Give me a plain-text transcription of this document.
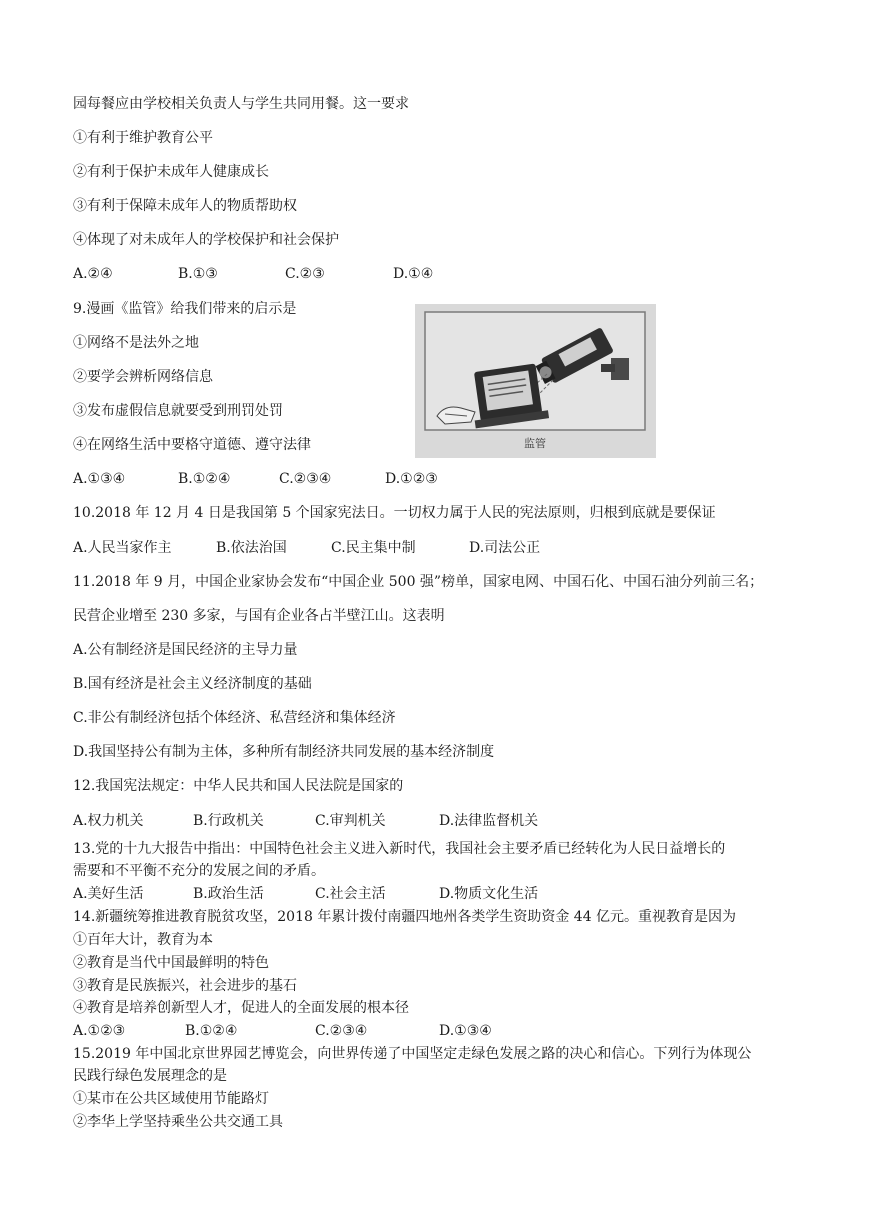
园每餐应由学校相关负责人与学生共同用餐。这一要求
①有利于维护教育公平
②有利于保护未成年人健康成长
③有利于保障未成年人的物质帮助权
④体现了对未成年人的学校保护和社会保护
A.②④	B.①③	C.②③	D.①④
9.漫画《监管》给我们带来的启示是
①网络不是法外之地
②要学会辨析网络信息
③发布虚假信息就要受到刑罚处罚
④在网络生活中要格守道德、遵守法律
A.①③④	B.①②④	C.②③④	D.①②③
监管
10.2018 年 12 月 4 日是我国第 5 个国家宪法日。一切权力属于人民的宪法原则，归根到底就是要保证
A.人民当家作主	B.依法治国	C.民主集中制	D.司法公正
11.2018 年 9 月，中国企业家协会发布“中国企业 500 强”榜单，国家电网、中国石化、中国石油分列前三名；
民营企业增至 230 多家，与国有企业各占半壁江山。这表明
A.公有制经济是国民经济的主导力量
B.国有经济是社会主义经济制度的基础
C.非公有制经济包括个体经济、私营经济和集体经济
D.我国坚持公有制为主体，多种所有制经济共同发展的基本经济制度
12.我国宪法规定：中华人民共和国人民法院是国家的
A.权力机关	B.行政机关	C.审判机关	D.法律监督机关
13.党的十九大报告中指出：中国特色社会主义进入新时代，我国社会主要矛盾已经转化为人民日益增长的
需要和不平衡不充分的发展之间的矛盾。
A.美好生活	B.政治生活	C.社会主活	D.物质文化生活
14.新疆统筹推进教育脱贫攻坚，2018 年累计拨付南疆四地州各类学生资助资金 44 亿元。重视教育是因为
①百年大计，教育为本
②教育是当代中国最鲜明的特色
③教育是民族振兴，社会进步的基石
④教育是培养创新型人才，促进人的全面发展的根本径
A.①②③	B.①②④	C.②③④	D.①③④
15.2019 年中国北京世界园艺博览会，向世界传递了中国坚定走绿色发展之路的决心和信心。下列行为体现公
民践行绿色发展理念的是
①某市在公共区域使用节能路灯
②李华上学坚持乘坐公共交通工具
